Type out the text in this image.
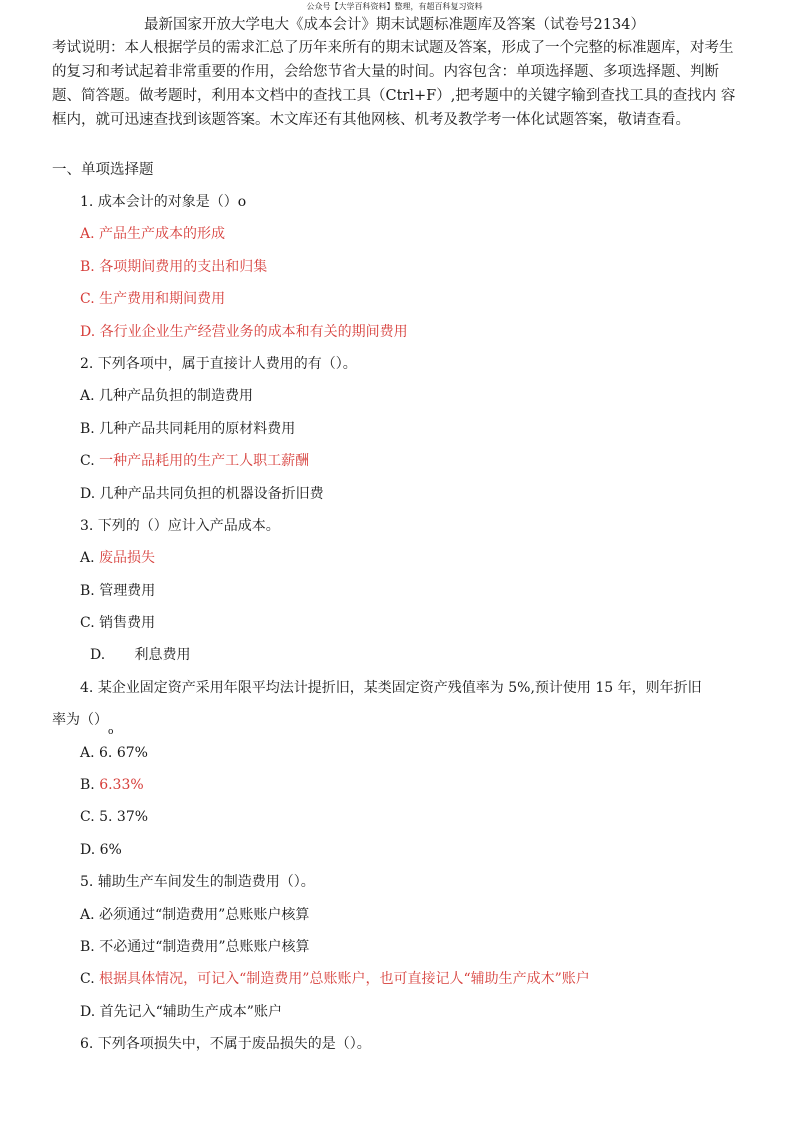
公众号【大学百科资料】整理，有超百科复习资料
最新国家开放大学电大《成本会计》期末试题标准题库及答案（试卷号2134）

考试说明：本人根据学员的需求汇总了历年来所有的期末试题及答案，形成了一个完整的标准题库，对考生的复习和考试起着非常重要的作用，会给您节省大量的时间。内容包含：单项选择题、多项选择题、判断题、简答题。做考题时，利用本文档中的查找工具（Ctrl+F）,把考题中的关键字输到查找工具的查找内 容框内，就可迅速查找到该题答案。木文库还有其他网核、机考及教学考一体化试题答案，敬请查看。

一、单项选择题
1. 成本会计的对象是（）o
A. 产品生产成本的形成
B. 各项期间费用的支出和归集
C. 生产费用和期间费用
D. 各行业企业生产经营业务的成本和有关的期间费用
2. 下列各项中，属于直接计人费用的有（）。
A. 几种产品负担的制造费用
B. 几种产品共同耗用的原材料费用
C. 一种产品耗用的生产工人职工薪酬
D. 几种产品共同负担的机器设备折旧费
3. 下列的（）应计入产品成本。
A. 废品损失
B. 管理费用
C. 销售费用
D. 利息费用
4. 某企业固定资产采用年限平均法计提折旧，某类固定资产残值率为 5%,预计使用 15 年，则年折旧
率为$()_o$
A. 6. 67%
B. 6.33%
C. 5. 37%
D. 6%
5. 辅助生产车间发生的制造费用（）。
A. 必须通过“制造费用”总账账户核算
B. 不必通过“制造费用”总账账户核算
C. 根据具体情况，可记入“制造费用”总账账户，也可直接记人“辅助生产成木”账户
D. 首先记入“辅助生产成本”账户
6. 下列各项损失中，不属于废品损失的是（）。
